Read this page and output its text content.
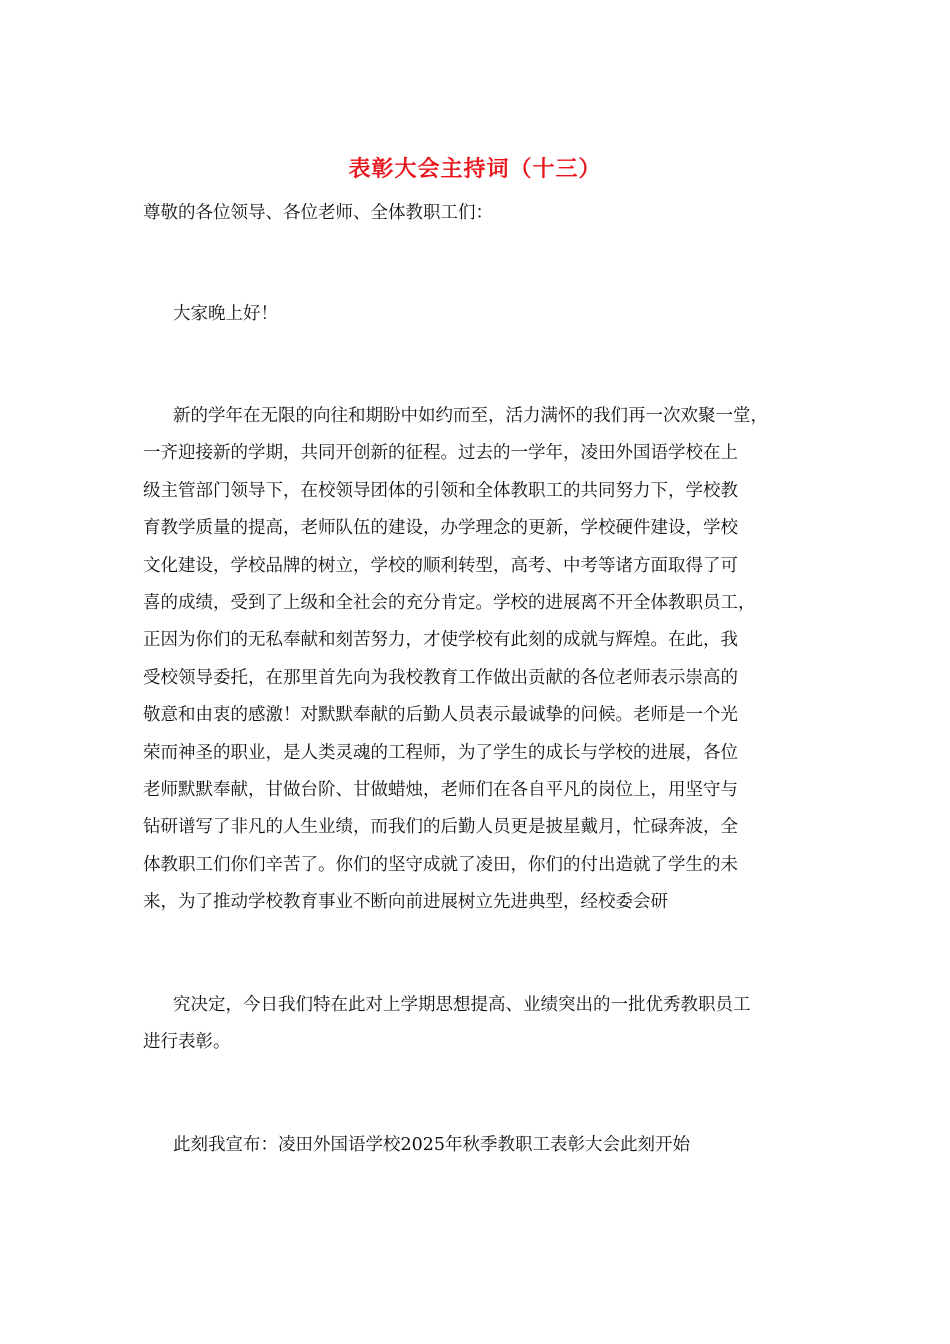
表彰大会主持词（十三）

尊敬的各位领导、各位老师、全体教职工们：

大家晚上好！

新的学年在无限的向往和期盼中如约而至，活力满怀的我们再一次欢聚一堂，
一齐迎接新的学期，共同开创新的征程。过去的一学年，凌田外国语学校在上
级主管部门领导下，在校领导团体的引领和全体教职工的共同努力下，学校教
育教学质量的提高，老师队伍的建设，办学理念的更新，学校硬件建设，学校
文化建设，学校品牌的树立，学校的顺利转型，高考、中考等诸方面取得了可
喜的成绩，受到了上级和全社会的充分肯定。学校的进展离不开全体教职员工，
正因为你们的无私奉献和刻苦努力，才使学校有此刻的成就与辉煌。在此，我
受校领导委托，在那里首先向为我校教育工作做出贡献的各位老师表示崇高的
敬意和由衷的感激！对默默奉献的后勤人员表示最诚挚的问候。老师是一个光
荣而神圣的职业，是人类灵魂的工程师，为了学生的成长与学校的进展，各位
老师默默奉献，甘做台阶、甘做蜡烛，老师们在各自平凡的岗位上，用坚守与
钻研谱写了非凡的人生业绩，而我们的后勤人员更是披星戴月，忙碌奔波，全
体教职工们你们辛苦了。你们的坚守成就了凌田，你们的付出造就了学生的未
来，为了推动学校教育事业不断向前进展树立先进典型，经校委会研

究决定，今日我们特在此对上学期思想提高、业绩突出的一批优秀教职员工
进行表彰。

此刻我宣布：凌田外国语学校2025年秋季教职工表彰大会此刻开始
